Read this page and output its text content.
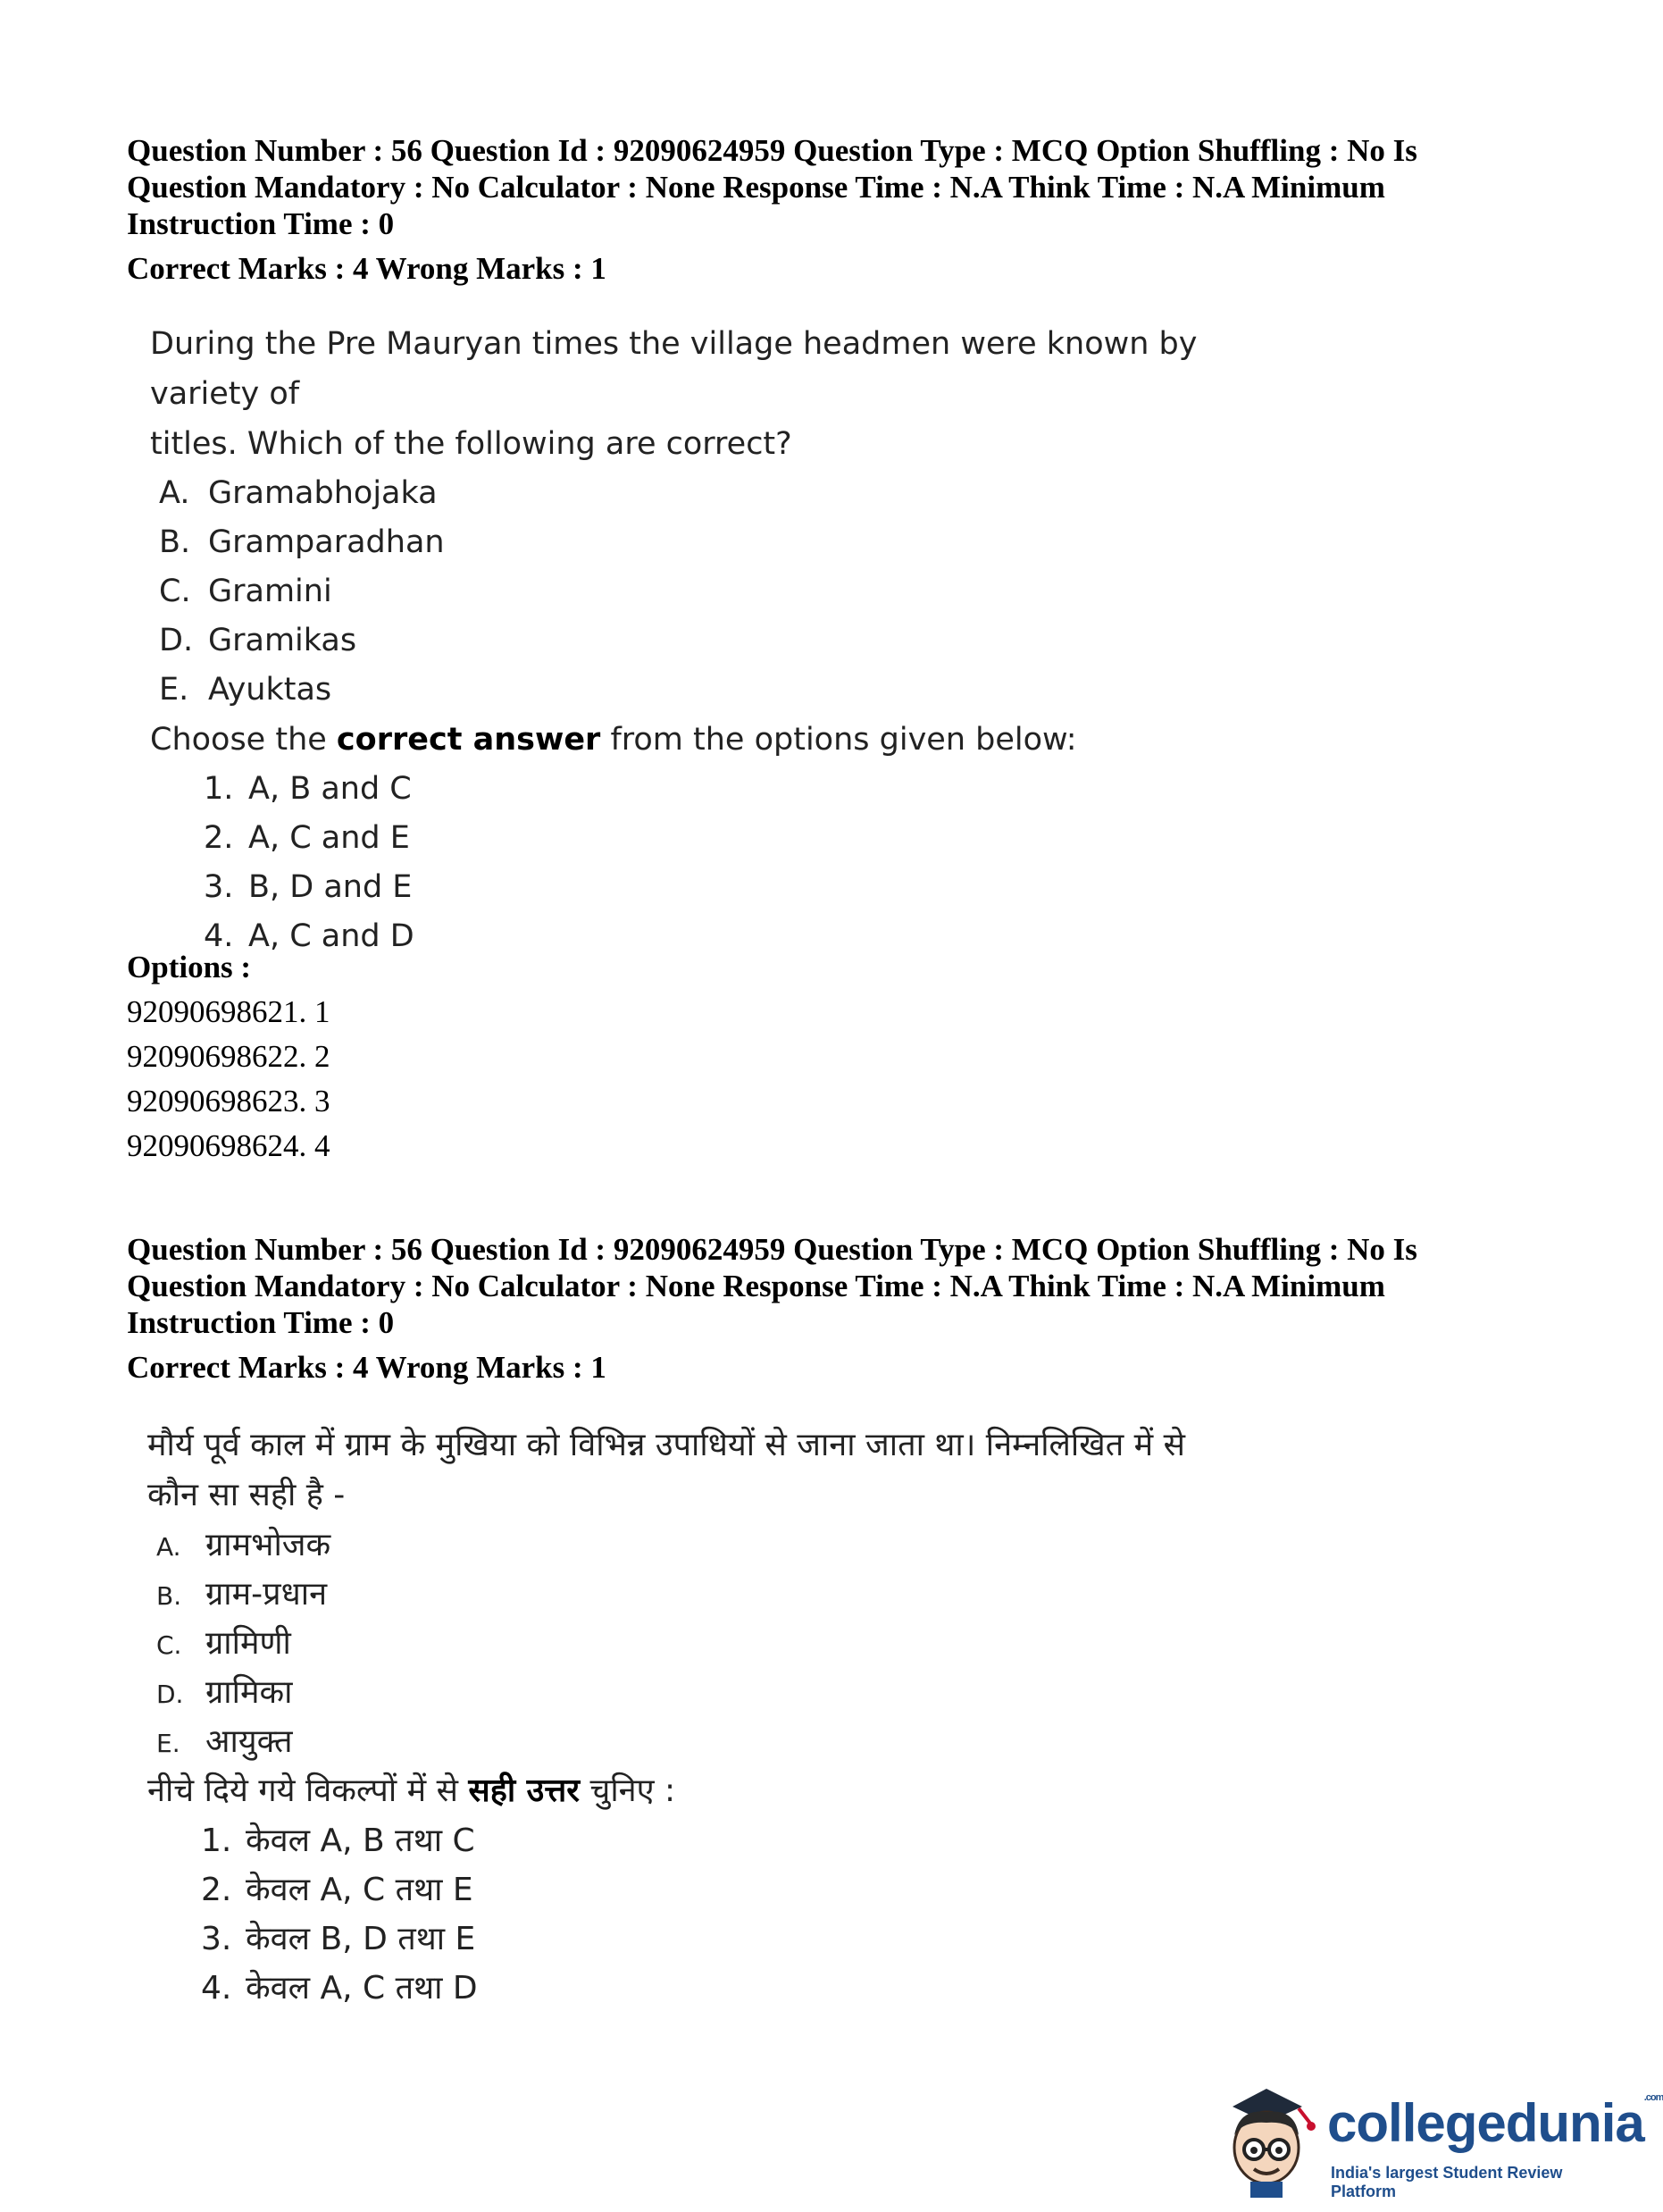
Question Number : 56 Question Id : 92090624959 Question Type : MCQ Option Shuffling : No Is
Question Mandatory : No Calculator : None Response Time : N.A Think Time : N.A Minimum
Instruction Time : 0
Correct Marks : 4 Wrong Marks : 1
During the Pre Mauryan times the village headmen were known by variety of
titles. Which of the following are correct?
A. Gramabhojaka
B. Gramparadhan
C. Gramini
D. Gramikas
E. Ayuktas
Choose the correct answer from the options given below:
1. A, B and C
2. A, C and E
3. B, D and E
4. A, C and D
Options :
92090698621. 1
92090698622. 2
92090698623. 3
92090698624. 4
Question Number : 56 Question Id : 92090624959 Question Type : MCQ Option Shuffling : No Is
Question Mandatory : No Calculator : None Response Time : N.A Think Time : N.A Minimum
Instruction Time : 0
Correct Marks : 4 Wrong Marks : 1
मौर्य पूर्व काल में ग्राम के मुखिया को विभिन्न उपाधियों से जाना जाता था। निम्नलिखित में से
कौन सा सही है -
A. ग्रामभोजक
B. ग्राम-प्रधान
C. ग्रामिणी
D. ग्रामिका
E. आयुक्त
नीचे दिये गये विकल्पों में से सही उत्तर चुनिए :
1. केवल A, B तथा C
2. केवल A, C तथा E
3. केवल B, D तथा E
4. केवल A, C तथा D
collegedunia$^{.com}$
India's largest Student Review Platform
